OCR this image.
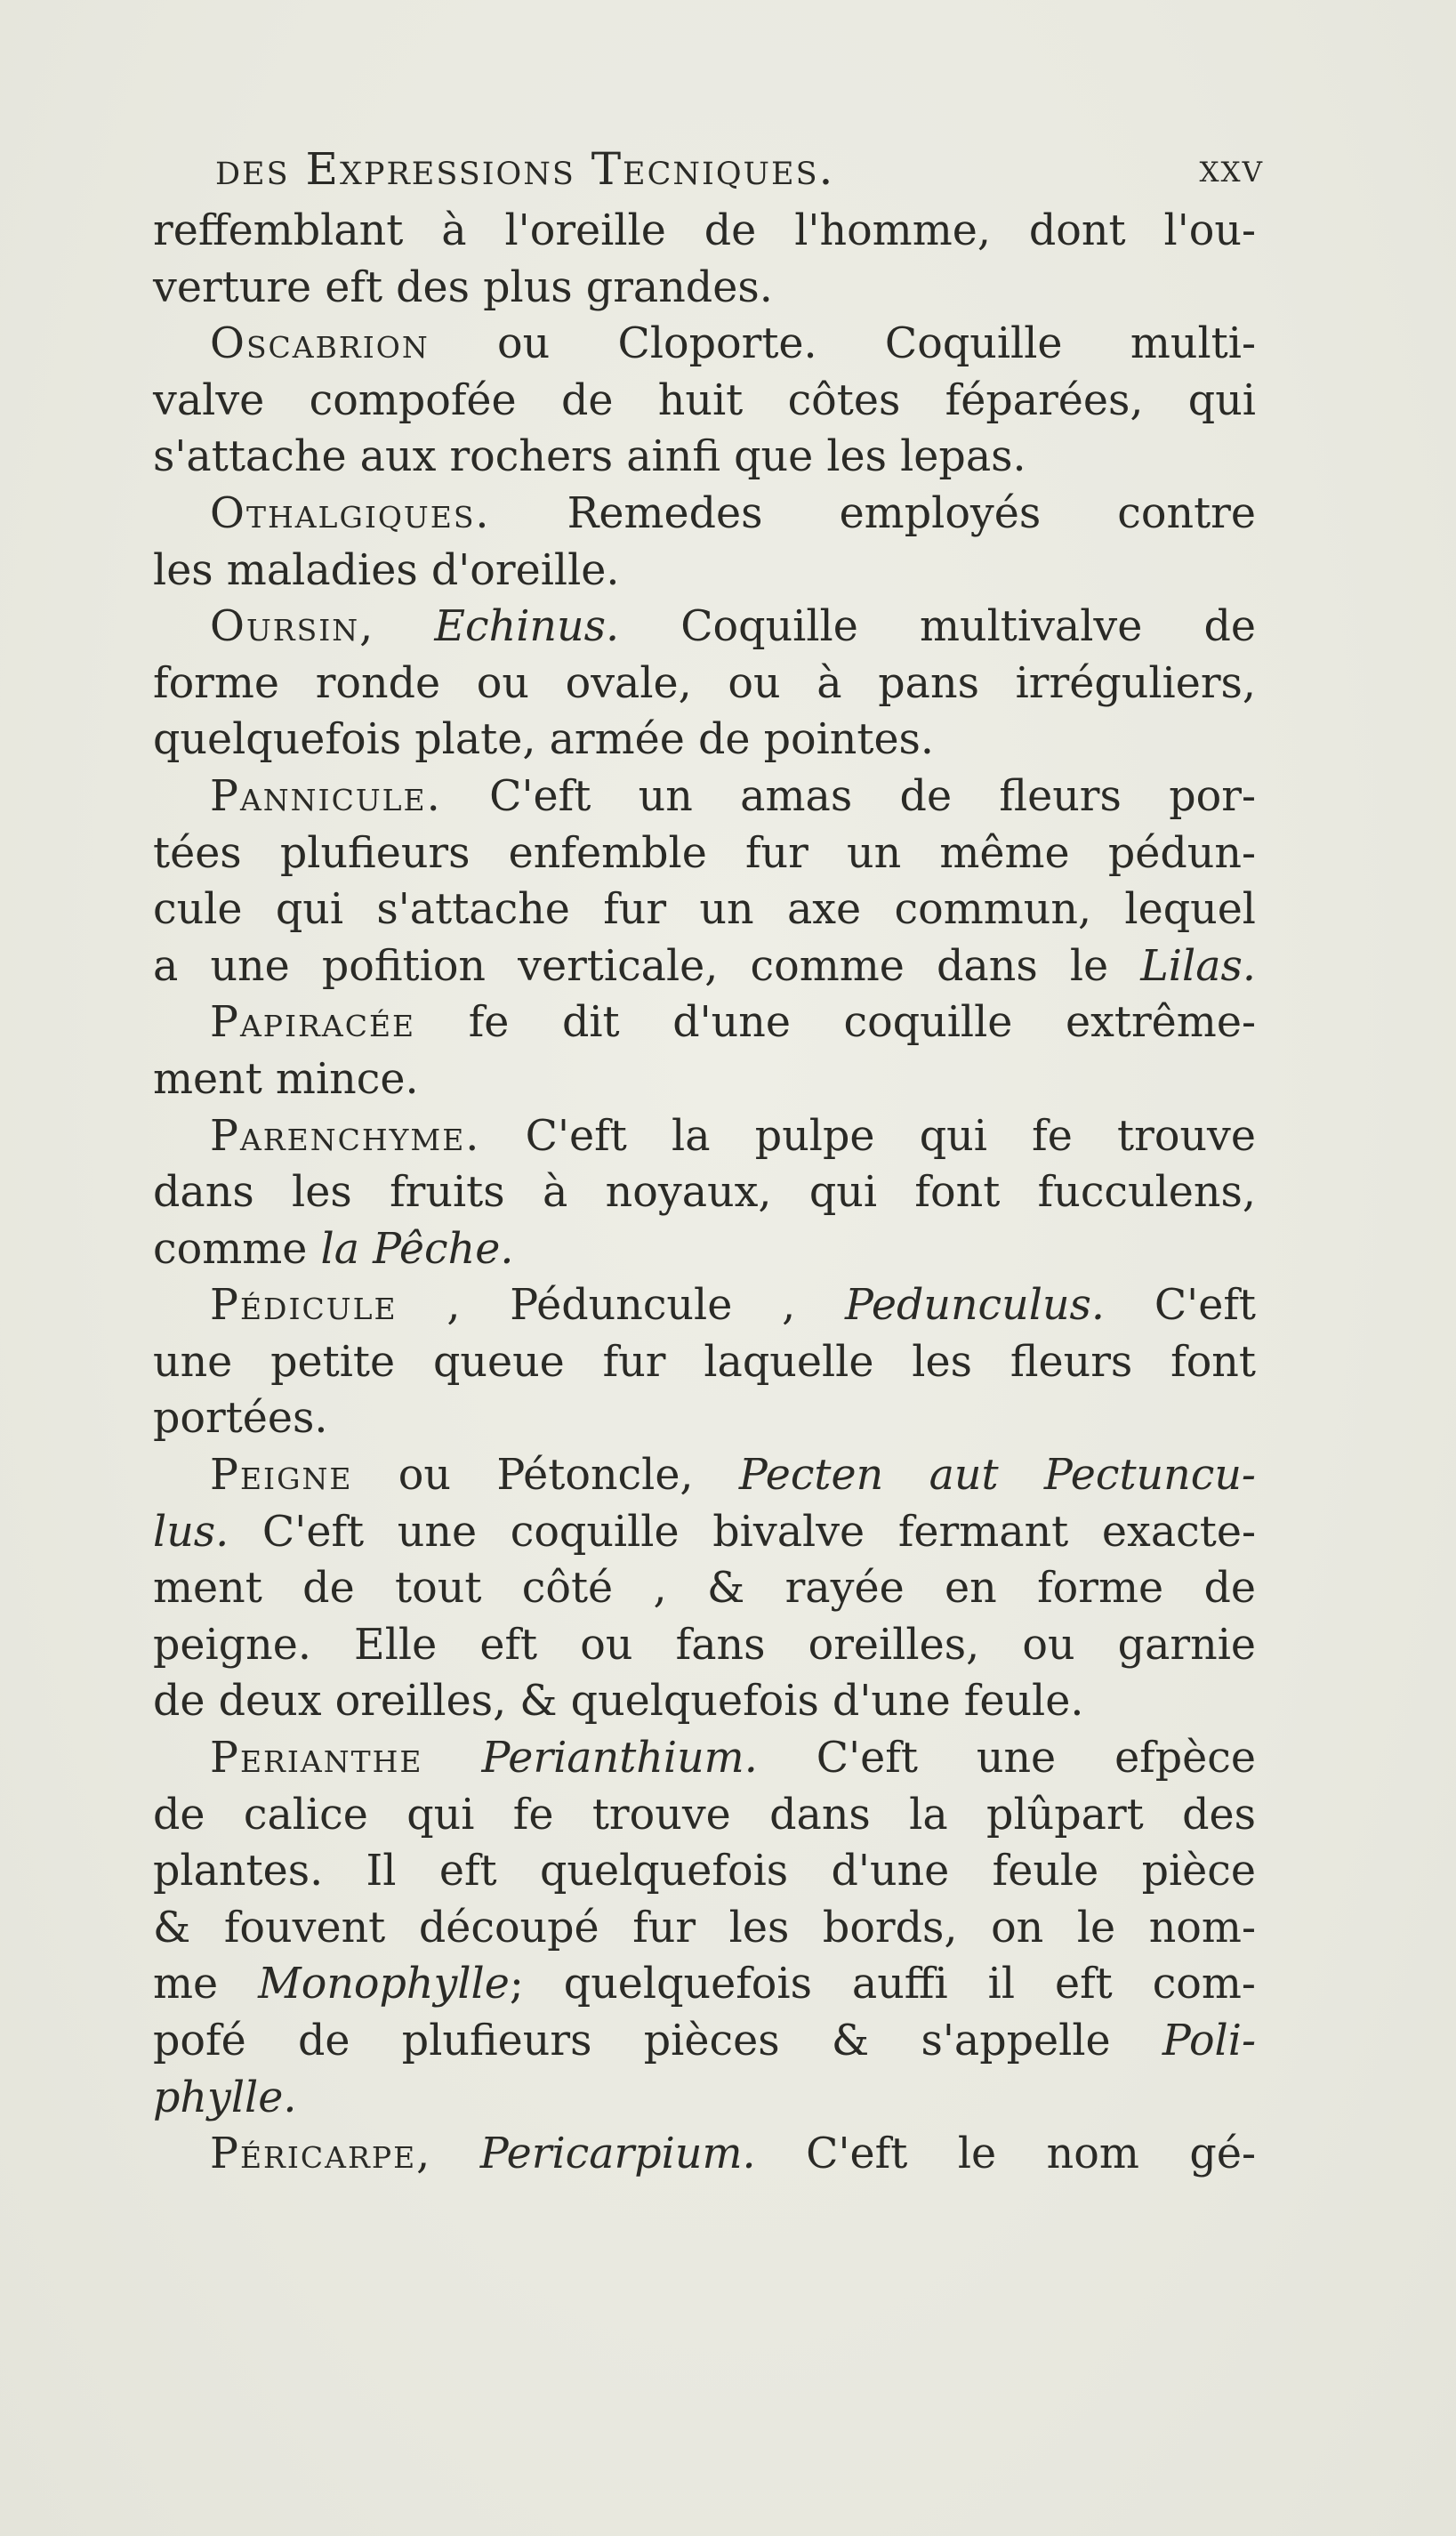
des Expressions Tecniques.	xxv
reffemblant à l'oreille de l'homme, dont l'ou-
verture eft des plus grandes.
Oscabrion ou Cloporte. Coquille multi-
valve compofée de huit côtes féparées, qui
s'attache aux rochers ainfi que les lepas.
Othalgiques. Remedes employés contre
les maladies d'oreille.
Oursin, Echinus. Coquille multivalve de
forme ronde ou ovale, ou à pans irréguliers,
quelquefois plate, armée de pointes.
Pannicule. C'eft un amas de fleurs por-
tées plufieurs enfemble fur un même pédun-
cule qui s'attache fur un axe commun, lequel
a une pofition verticale, comme dans le Lilas.
Papiracée fe dit d'une coquille extrême-
ment mince.
Parenchyme. C'eft la pulpe qui fe trouve
dans les fruits à noyaux, qui font fucculens,
comme la Pêche.
Pédicule , Péduncule , Pedunculus. C'eft
une petite queue fur laquelle les fleurs font
portées.
Peigne ou Pétoncle, Pecten aut Pectuncu-
lus. C'eft une coquille bivalve fermant exacte-
ment de tout côté , & rayée en forme de
peigne. Elle eft ou fans oreilles, ou garnie
de deux oreilles, & quelquefois d'une feule.
Perianthe Perianthium. C'eft une efpèce
de calice qui fe trouve dans la plûpart des
plantes. Il eft quelquefois d'une feule pièce
& fouvent découpé fur les bords, on le nom-
me Monophylle; quelquefois auffi il eft com-
pofé de plufieurs pièces & s'appelle Poli-
phylle.
Péricarpe, Pericarpium. C'eft le nom gé-
